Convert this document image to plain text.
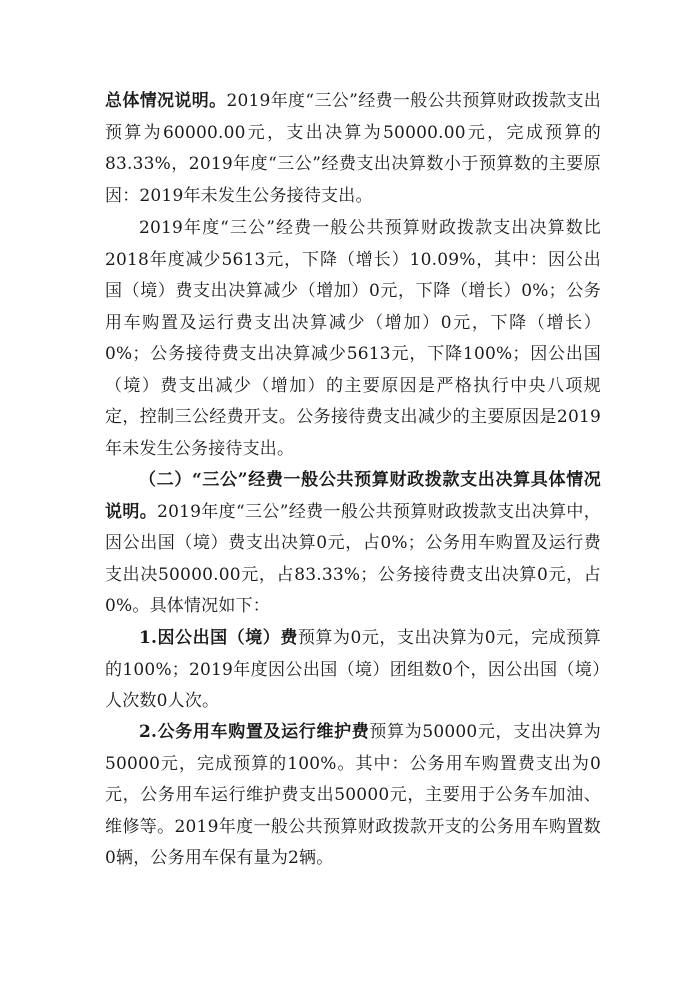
总体情况说明。2019年度“三公”经费一般公共预算财政拨款支出预算为60000.00元，支出决算为50000.00元，完成预算的83.33%，2019年度“三公”经费支出决算数小于预算数的主要原因：2019年未发生公务接待支出。

2019年度“三公”经费一般公共预算财政拨款支出决算数比2018年度减少5613元，下降（增长）10.09%，其中：因公出国（境）费支出决算减少（增加）0元，下降（增长）0%；公务用车购置及运行费支出决算减少（增加）0元，下降（增长）0%；公务接待费支出决算减少5613元，下降100%；因公出国（境）费支出减少（增加）的主要原因是严格执行中央八项规定，控制三公经费开支。公务接待费支出减少的主要原因是2019年未发生公务接待支出。

（二）“三公”经费一般公共预算财政拨款支出决算具体情况说明。2019年度“三公”经费一般公共预算财政拨款支出决算中，因公出国（境）费支出决算0元，占0%；公务用车购置及运行费支出决50000.00元，占83.33%；公务接待费支出决算0元，占0%。具体情况如下：

1.因公出国（境）费预算为0元，支出决算为0元，完成预算的100%；2019年度因公出国（境）团组数0个，因公出国（境）人次数0人次。

2.公务用车购置及运行维护费预算为50000元，支出决算为50000元，完成预算的100%。其中：公务用车购置费支出为0元，公务用车运行维护费支出50000元，主要用于公务车加油、维修等。2019年度一般公共预算财政拨款开支的公务用车购置数0辆，公务用车保有量为2辆。
